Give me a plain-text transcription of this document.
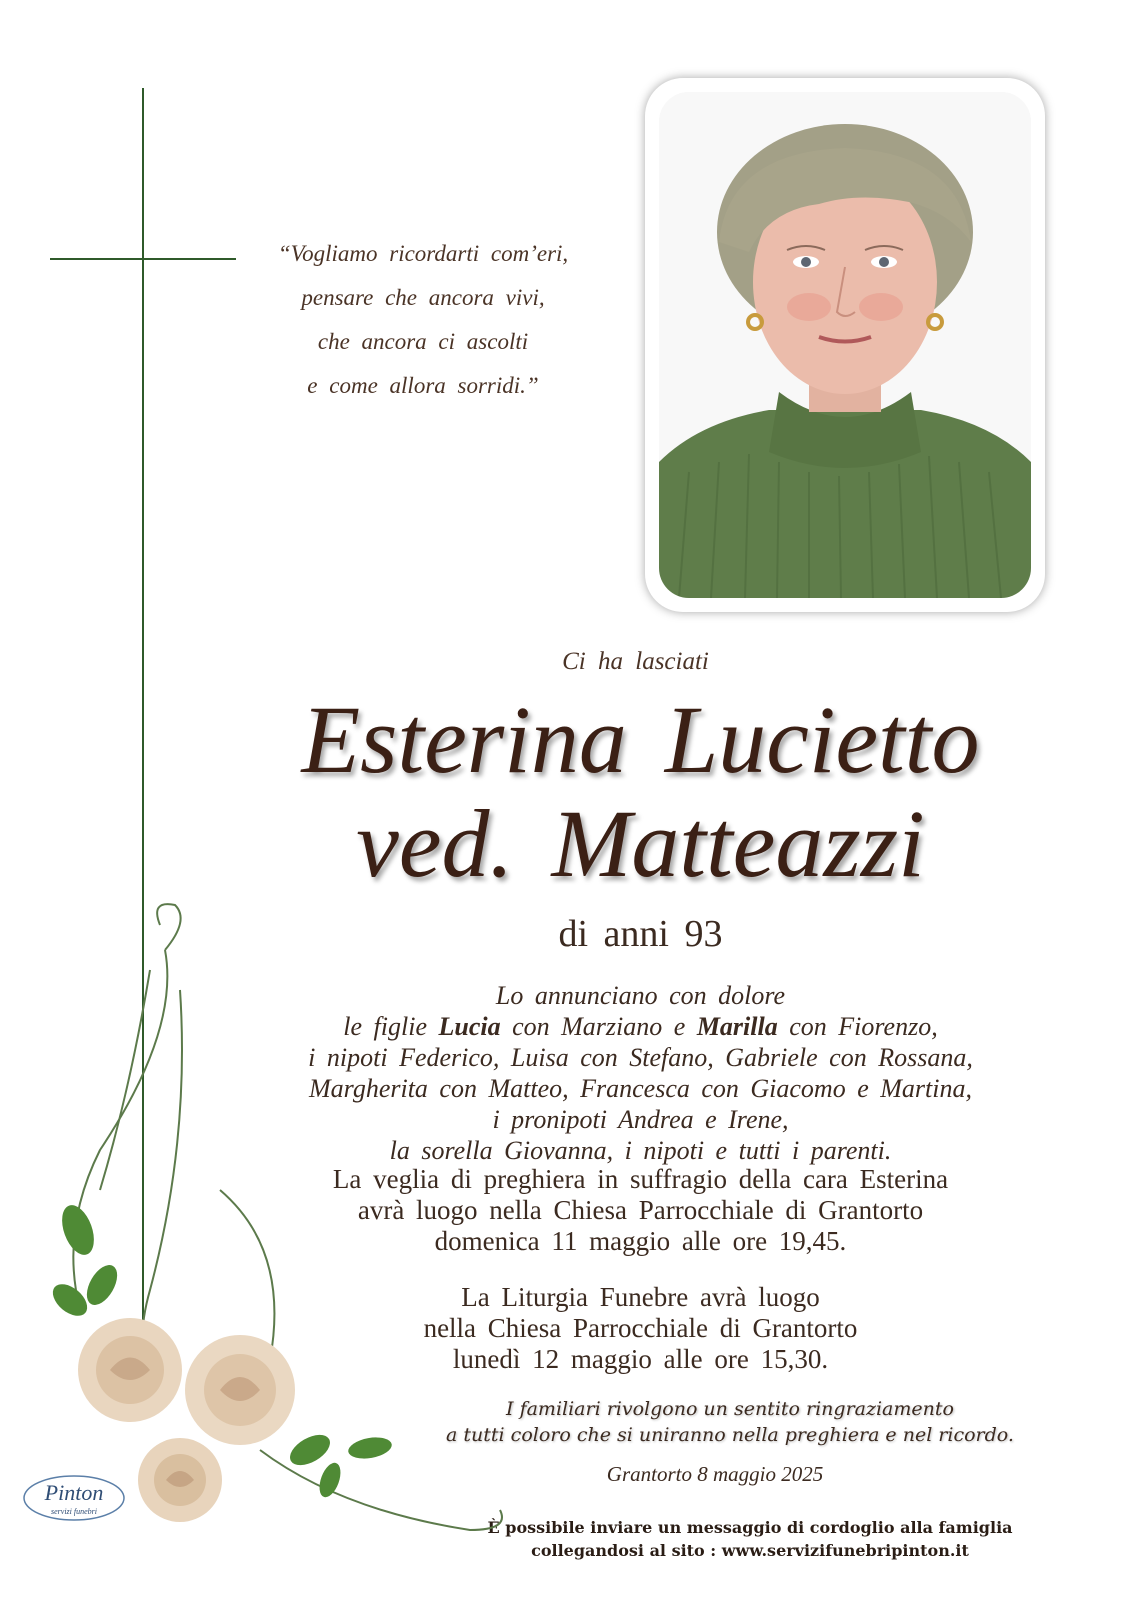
“Vogliamo ricordarti com’eri,
pensare che ancora vivi,
che ancora ci ascolti
e come allora sorridi.”
Ci ha lasciati
Esterina Lucietto
ved. Matteazzi
di anni 93
Lo annunciano con dolore
le figlie Lucia con Marziano e Marilla con Fiorenzo,
i nipoti Federico, Luisa con Stefano, Gabriele con Rossana,
Margherita con Matteo, Francesca con Giacomo e Martina,
i pronipoti Andrea e Irene,
la sorella Giovanna, i nipoti e tutti i parenti.
La veglia di preghiera in suffragio della cara Esterina
avrà luogo nella Chiesa Parrocchiale di Grantorto
domenica 11 maggio alle ore 19,45.
La Liturgia Funebre avrà luogo
nella Chiesa Parrocchiale di Grantorto
lunedì 12 maggio alle ore 15,30.
I familiari rivolgono un sentito ringraziamento
a tutti coloro che si uniranno nella preghiera e nel ricordo.
Grantorto 8 maggio 2025
È possibile inviare un messaggio di cordoglio alla famiglia
collegandosi al sito : www.servizifunebripinton.it
Pinton
servizi funebri
